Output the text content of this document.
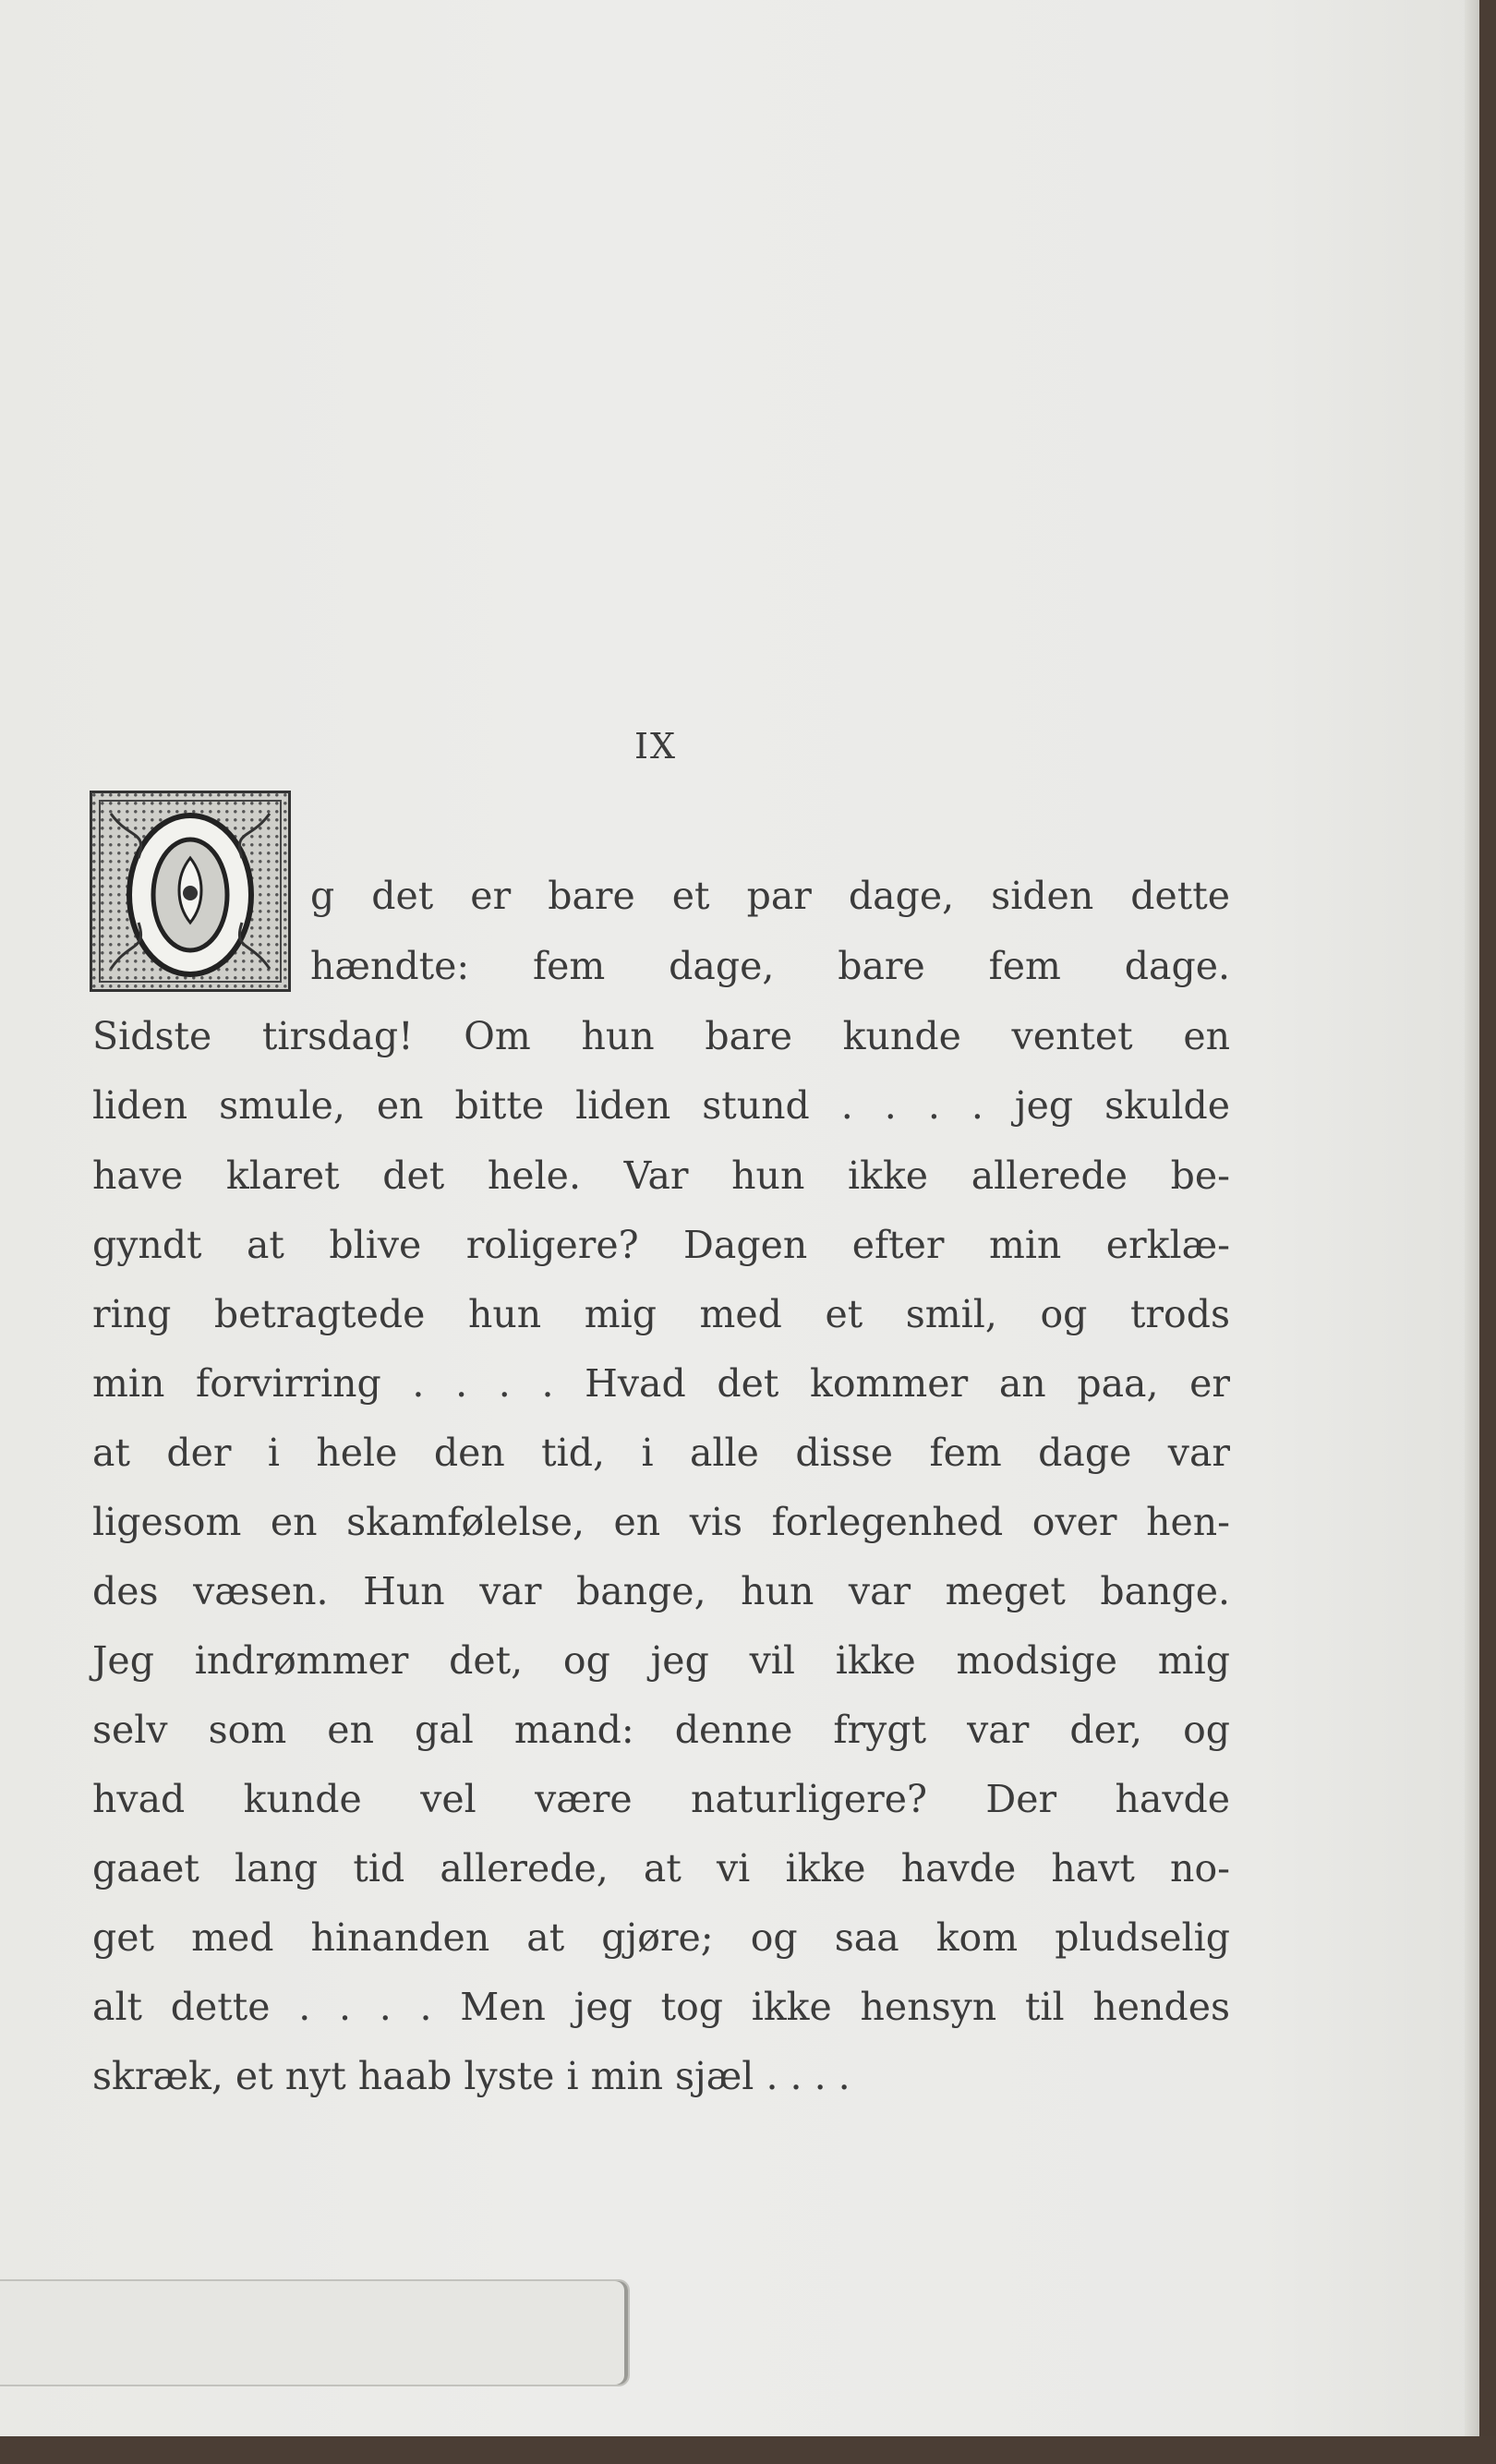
IX
g det er bare et par dage, siden dette
hændte: fem dage, bare fem dage.
Sidste tirsdag! Om hun bare kunde ventet en
liden smule, en bitte liden stund . . . . jeg skulde
have klaret det hele. Var hun ikke allerede be-
gyndt at blive roligere? Dagen efter min erklæ-
ring betragtede hun mig med et smil, og trods
min forvirring . . . . Hvad det kommer an paa, er
at der i hele den tid, i alle disse fem dage var
ligesom en skamfølelse, en vis forlegenhed over hen-
des væsen. Hun var bange, hun var meget bange.
Jeg indrømmer det, og jeg vil ikke modsige mig
selv som en gal mand: denne frygt var der, og
hvad kunde vel være naturligere? Der havde
gaaet lang tid allerede, at vi ikke havde havt no-
get med hinanden at gjøre; og saa kom pludselig
alt dette . . . . Men jeg tog ikke hensyn til hendes
skræk, et nyt haab lyste i min sjæl . . . .
